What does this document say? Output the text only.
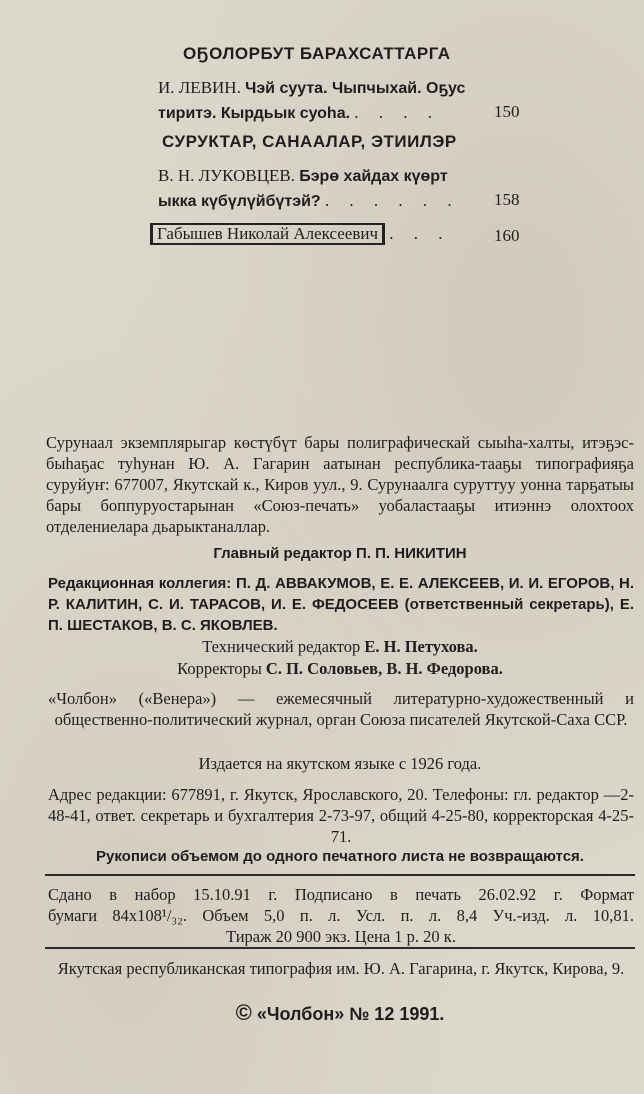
ОҔОЛОРБУТ БАРАХСАТТАРГА
И. ЛЕВИН. Чэй суута. Чыпчыхай. Оҕус
тиритэ. Кырдьык суоһа. . . . .	150
СУРУКТАР, САНААЛАР, ЭТИИЛЭР
В. Н. ЛУКОВЦЕВ. Бэрө хайдах күөрт
ыкка күбүлүйбүтэй? . . . . . .	158
Габышев Николай Алексеевич . . .	160
Сурунаал экземплярыгар көстүбүт бары полиграфическай сыыһа-халты, итэҕэс-быһаҕас туһунан Ю. А. Гагарин аатынан республика-тааҕы типографияҕа суруйуҥ: 677007, Якутскай к., Киров уул., 9. Сурунаалга суруттуу уонна тарҕатыы бары боппуруостарынан «Союз-печать» уобаластааҕы итиэннэ олохтоох отделениелара дьарыктаналлар.
Главный редактор П. П. НИКИТИН
Редакционная коллегия: П. Д. АВВАКУМОВ, Е. Е. АЛЕКСЕЕВ, И. И. ЕГОРОВ, Н. Р. КАЛИТИН, С. И. ТАРАСОВ, И. Е. ФЕДОСЕЕВ (ответственный секретарь), Е. П. ШЕСТАКОВ, В. С. ЯКОВЛЕВ.
Технический редактор Е. Н. Петухова.
Корректоры С. П. Соловьев, В. Н. Федорова.
«Чолбон» («Венера») — ежемесячный литературно-художественный и общественно-политический журнал, орган Союза писателей Якутской-Саха ССР.
Издается на якутском языке с 1926 года.
Адрес редакции: 677891, г. Якутск, Ярославского, 20. Телефоны: гл. редактор —2-48-41, ответ. секретарь и бухгалтерия 2-73-97, общий 4-25-80, корректорская 4-25-71.
Рукописи объемом до одного печатного листа не возвращаются.
Сдано в набор 15.10.91 г. Подписано в печать 26.02.92 г. Формат
бумаги 84х108¹/₃₂. Объем 5,0 п. л. Усл. п. л. 8,4 Уч.-изд. л. 10,81.
Тираж 20 900 экз. Цена 1 р. 20 к.
Якутская республиканская типография им. Ю. А. Гагарина, г. Якутск, Кирова, 9.
© «Чолбон» № 12 1991.
